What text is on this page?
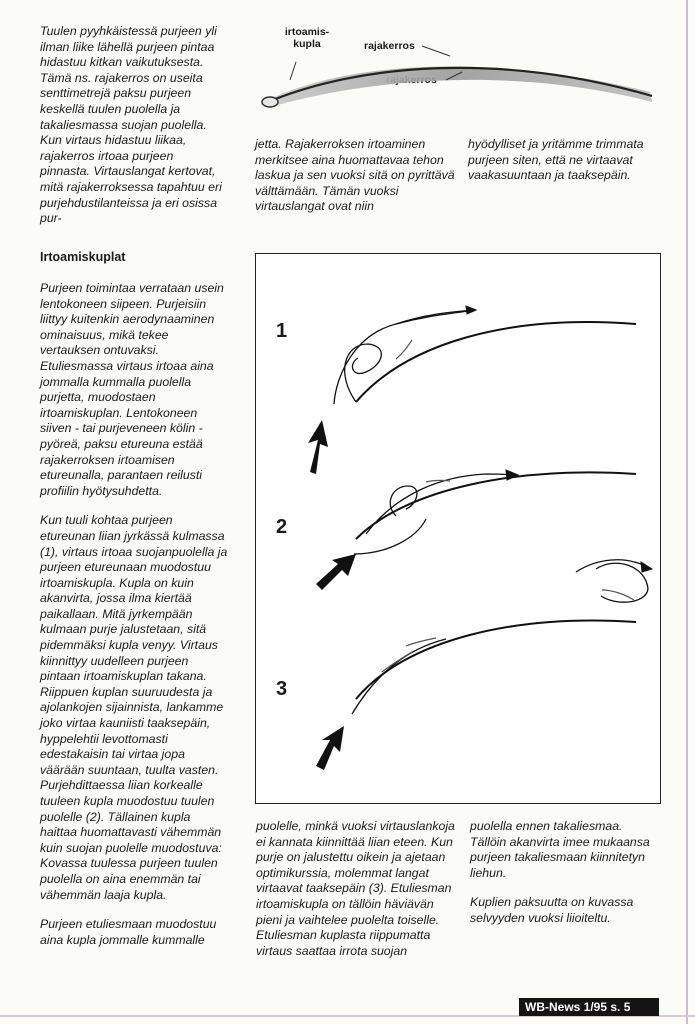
Tuulen pyyhkäistessä purjeen yli ilman liike lähellä purjeen pintaa hidastuu kitkan vaikutuksesta. Tämä ns. rajakerros on useita senttimetrejä paksu purjeen keskellä tuulen puolella ja takaliesmassa suojan puolella. Kun virtaus hidastuu liikaa, rajakerros irtoaa purjeen pinnasta. Virtauslangat kertovat, mitä rajakerroksessa tapahtuu eri purjehdustilanteissa ja eri osissa pur-

irtoamis-
kupla	rajakerros

jetta. Rajakerroksen irtoaminen merkitsee aina huomattavaa tehon laskua ja sen vuoksi sitä on pyrittävä välttämään. Tämän vuoksi virtauslangat ovat niin

hyödylliset ja yritämme trimmata purjeen siten, että ne virtaavat vaakasuuntaan ja taaksepäin.

Irtoamiskuplat

Purjeen toimintaa verrataan usein lentokoneen siipeen. Purjeisiin liittyy kuitenkin aerodynaaminen ominaisuus, mikä tekee vertauksen ontuvaksi. Etuliesmassa virtaus irtoaa aina jommalla kummalla puolella purjetta, muodostaen irtoamiskuplan. Lentokoneen siiven - tai purjeveneen kölin - pyöreä, paksu etureuna estää rajakerroksen irtoamisen etureunalla, parantaen reilusti profiilin hyötysuhdetta.

Kun tuuli kohtaa purjeen etureunan liian jyrkässä kulmassa (1), virtaus irtoaa suojanpuolella ja purjeen etureunaan muodostuu irtoamiskupla. Kupla on kuin akanvirta, jossa ilma kiertää paikallaan. Mitä jyrkempään kulmaan purje jalustetaan, sitä pidemmäksi kupla venyy. Virtaus kiinnittyy uudelleen purjeen pintaan irtoamiskuplan takana. Riippuen kuplan suuruudesta ja ajolankojen sijainnista, lankamme joko virtaa kauniisti taaksepäin, hyppelehtii levottomasti edestakaisin tai virtaa jopa väärään suuntaan, tuulta vasten. Purjehdittaessa liian korkealle tuuleen kupla muodostuu tuulen puolelle (2). Tällainen kupla haittaa huomattavasti vähemmän kuin suojan puolelle muodostuva: Kovassa tuulessa purjeen tuulen puolella on aina enemmän tai vähemmän laaja kupla.

Purjeen etuliesmaan muodostuu aina kupla jommalle kummalle

1
2
3

puolelle, minkä vuoksi virtauslankoja ei kannata kiinnittää liian eteen. Kun purje on jalustettu oikein ja ajetaan optimikurssia, molemmat langat virtaavat taaksepäin (3). Etuliesman irtoamiskupla on tällöin häviävän pieni ja vaihtelee puolelta toiselle. Etuliesman kuplasta riippumatta virtaus saattaa irrota suojan

puolella ennen takaliesmaa. Tällöin akanvirta imee mukaansa purjeen takaliesmaan kiinnitetyn liehun.

Kuplien paksuutta on kuvassa selvyyden vuoksi liioiteltu.

WB-News 1/95 s. 5
